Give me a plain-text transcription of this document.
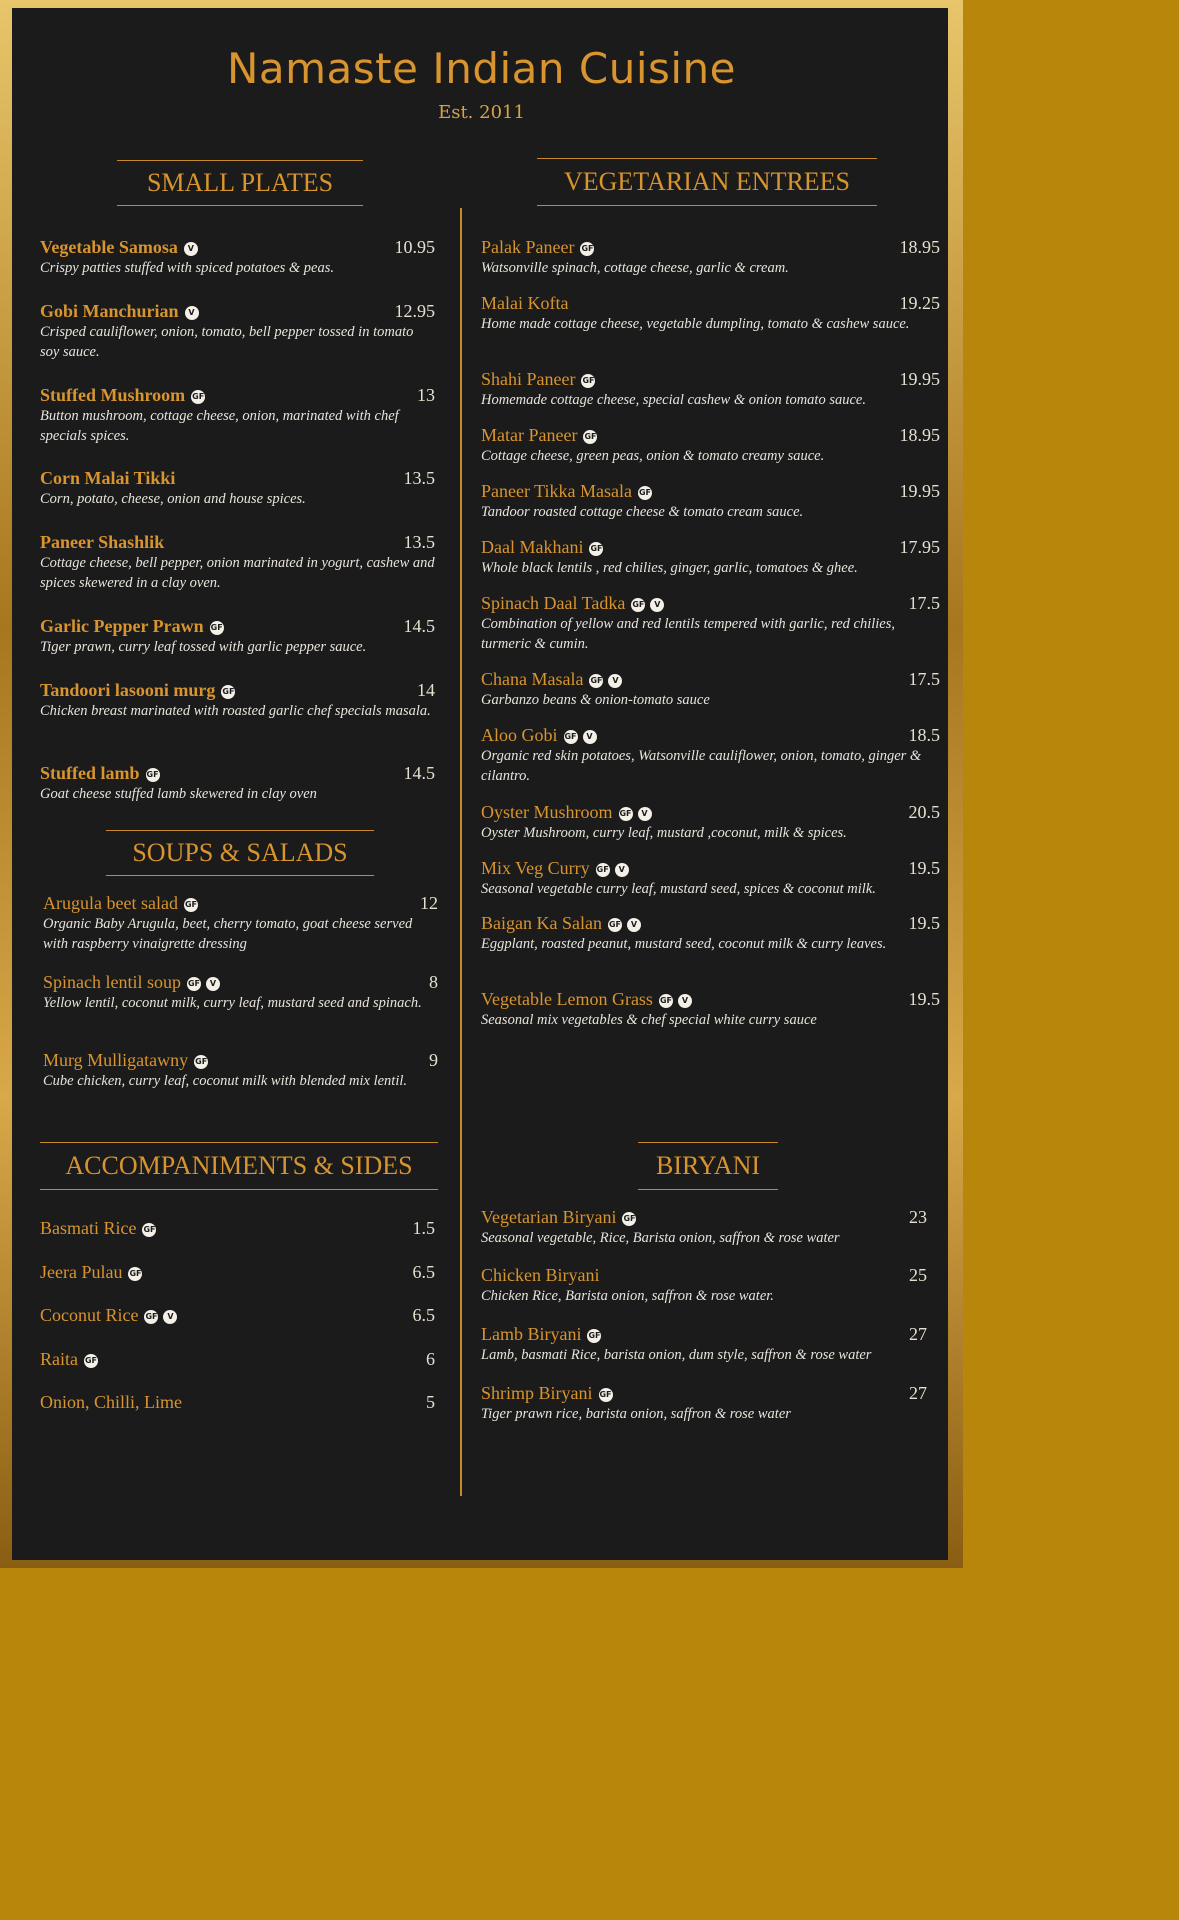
Namaste Indian Cuisine
Est. 2011
SMALL PLATES	VEGETARIAN ENTREES
SOUPS & SALADS
ACCOMPANIMENTS & SIDES	BIRYANI
Vegetable Samosa V	10.95
Crispy patties stuffed with spiced potatoes & peas.
Gobi Manchurian V	12.95
Crisped cauliflower, onion, tomato, bell pepper tossed in tomato soy sauce.
Stuffed Mushroom GF	13
Button mushroom, cottage cheese, onion, marinated with chef specials spices.
Corn Malai Tikki	13.5
Corn, potato, cheese, onion and house spices.
Paneer Shashlik	13.5
Cottage cheese, bell pepper, onion marinated in yogurt, cashew and spices skewered in a clay oven.
Garlic Pepper Prawn GF	14.5
Tiger prawn, curry leaf tossed with garlic pepper sauce.
Tandoori lasooni murg GF	14
Chicken breast marinated with roasted garlic chef specials masala.
Stuffed lamb GF	14.5
Goat cheese stuffed lamb skewered in clay oven
Arugula beet salad GF	12
Organic Baby Arugula, beet, cherry tomato, goat cheese served with raspberry vinaigrette dressing
Spinach lentil soup GF V	8
Yellow lentil, coconut milk, curry leaf, mustard seed and spinach.
Murg Mulligatawny GF	9
Cube chicken, curry leaf, coconut milk with blended mix lentil.
Basmati Rice GF	1.5
Jeera Pulau GF	6.5
Coconut Rice GF V	6.5
Raita GF	6
Onion, Chilli, Lime	5
Palak Paneer GF	18.95
Watsonville spinach, cottage cheese, garlic & cream.
Malai Kofta	19.25
Home made cottage cheese, vegetable dumpling, tomato & cashew sauce.
Shahi Paneer GF	19.95
Homemade cottage cheese, special cashew & onion tomato sauce.
Matar Paneer GF	18.95
Cottage cheese, green peas, onion & tomato creamy sauce.
Paneer Tikka Masala GF	19.95
Tandoor roasted cottage cheese & tomato cream sauce.
Daal Makhani GF	17.95
Whole black lentils , red chilies, ginger, garlic, tomatoes & ghee.
Spinach Daal Tadka GF V	17.5
Combination of yellow and red lentils tempered with garlic, red chilies, turmeric & cumin.
Chana Masala GF V	17.5
Garbanzo beans & onion-tomato sauce
Aloo Gobi GF V	18.5
Organic red skin potatoes, Watsonville cauliflower, onion, tomato, ginger & cilantro.
Oyster Mushroom GF V	20.5
Oyster Mushroom, curry leaf, mustard ,coconut, milk & spices.
Mix Veg Curry GF V	19.5
Seasonal vegetable curry leaf, mustard seed, spices & coconut milk.
Baigan Ka Salan GF V	19.5
Eggplant, roasted peanut, mustard seed, coconut milk & curry leaves.
Vegetable Lemon Grass GF V	19.5
Seasonal mix vegetables & chef special white curry sauce
Vegetarian Biryani GF	23
Seasonal vegetable, Rice, Barista onion, saffron & rose water
Chicken Biryani	25
Chicken Rice, Barista onion, saffron & rose water.
Lamb Biryani GF	27
Lamb, basmati Rice, barista onion, dum style, saffron & rose water
Shrimp Biryani GF	27
Tiger prawn rice, barista onion, saffron & rose water
